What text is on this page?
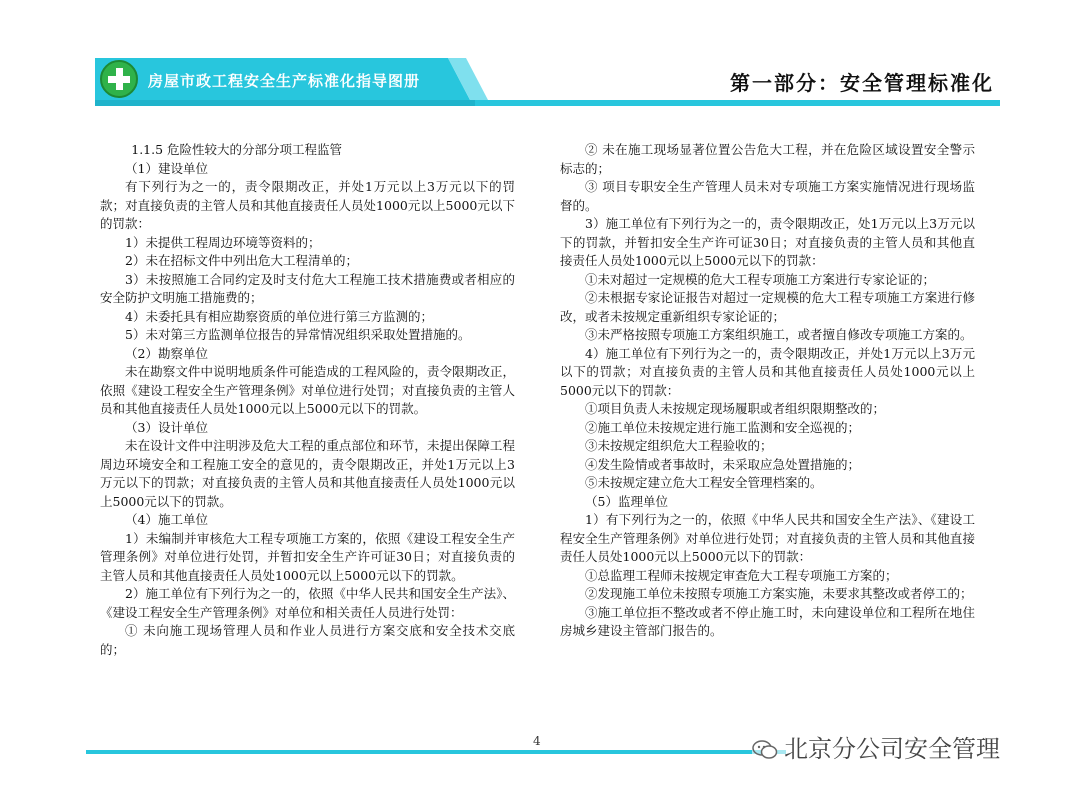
房屋市政工程安全生产标准化指导图册	第一部分：安全管理标准化

1.1.5 危险性较大的分部分项工程监管

（1）建设单位

有下列行为之一的，责令限期改正，并处1万元以上3万元以下的罚款；对直接负责的主管人员和其他直接责任人员处1000元以上5000元以下的罚款：

1）未提供工程周边环境等资料的；

2）未在招标文件中列出危大工程清单的；

3）未按照施工合同约定及时支付危大工程施工技术措施费或者相应的安全防护文明施工措施费的；

4）未委托具有相应勘察资质的单位进行第三方监测的；

5）未对第三方监测单位报告的异常情况组织采取处置措施的。

（2）勘察单位

未在勘察文件中说明地质条件可能造成的工程风险的，责令限期改正，依照《建设工程安全生产管理条例》对单位进行处罚；对直接负责的主管人员和其他直接责任人员处1000元以上5000元以下的罚款。

（3）设计单位

未在设计文件中注明涉及危大工程的重点部位和环节，未提出保障工程周边环境安全和工程施工安全的意见的，责令限期改正，并处1万元以上3万元以下的罚款；对直接负责的主管人员和其他直接责任人员处1000元以上5000元以下的罚款。

（4）施工单位

1）未编制并审核危大工程专项施工方案的，依照《建设工程安全生产管理条例》对单位进行处罚，并暂扣安全生产许可证30日；对直接负责的主管人员和其他直接责任人员处1000元以上5000元以下的罚款。

2）施工单位有下列行为之一的，依照《中华人民共和国安全生产法》、《建设工程安全生产管理条例》对单位和相关责任人员进行处罚：

① 未向施工现场管理人员和作业人员进行方案交底和安全技术交底的；

② 未在施工现场显著位置公告危大工程，并在危险区域设置安全警示标志的；

③ 项目专职安全生产管理人员未对专项施工方案实施情况进行现场监督的。

3）施工单位有下列行为之一的，责令限期改正，处1万元以上3万元以下的罚款，并暂扣安全生产许可证30日；对直接负责的主管人员和其他直接责任人员处1000元以上5000元以下的罚款：

①未对超过一定规模的危大工程专项施工方案进行专家论证的；

②未根据专家论证报告对超过一定规模的危大工程专项施工方案进行修改，或者未按规定重新组织专家论证的；

③未严格按照专项施工方案组织施工，或者擅自修改专项施工方案的。

4）施工单位有下列行为之一的，责令限期改正，并处1万元以上3万元以下的罚款；对直接负责的主管人员和其他直接责任人员处1000元以上5000元以下的罚款：

①项目负责人未按规定现场履职或者组织限期整改的；

②施工单位未按规定进行施工监测和安全巡视的；

③未按规定组织危大工程验收的；

④发生险情或者事故时，未采取应急处置措施的；

⑤未按规定建立危大工程安全管理档案的。

（5）监理单位

1）有下列行为之一的，依照《中华人民共和国安全生产法》、《建设工程安全生产管理条例》对单位进行处罚；对直接负责的主管人员和其他直接责任人员处1000元以上5000元以下的罚款：

①总监理工程师未按规定审查危大工程专项施工方案的；

②发现施工单位未按照专项施工方案实施，未要求其整改或者停工的；

③施工单位拒不整改或者不停止施工时，未向建设单位和工程所在地住房城乡建设主管部门报告的。

4	北京分公司安全管理
